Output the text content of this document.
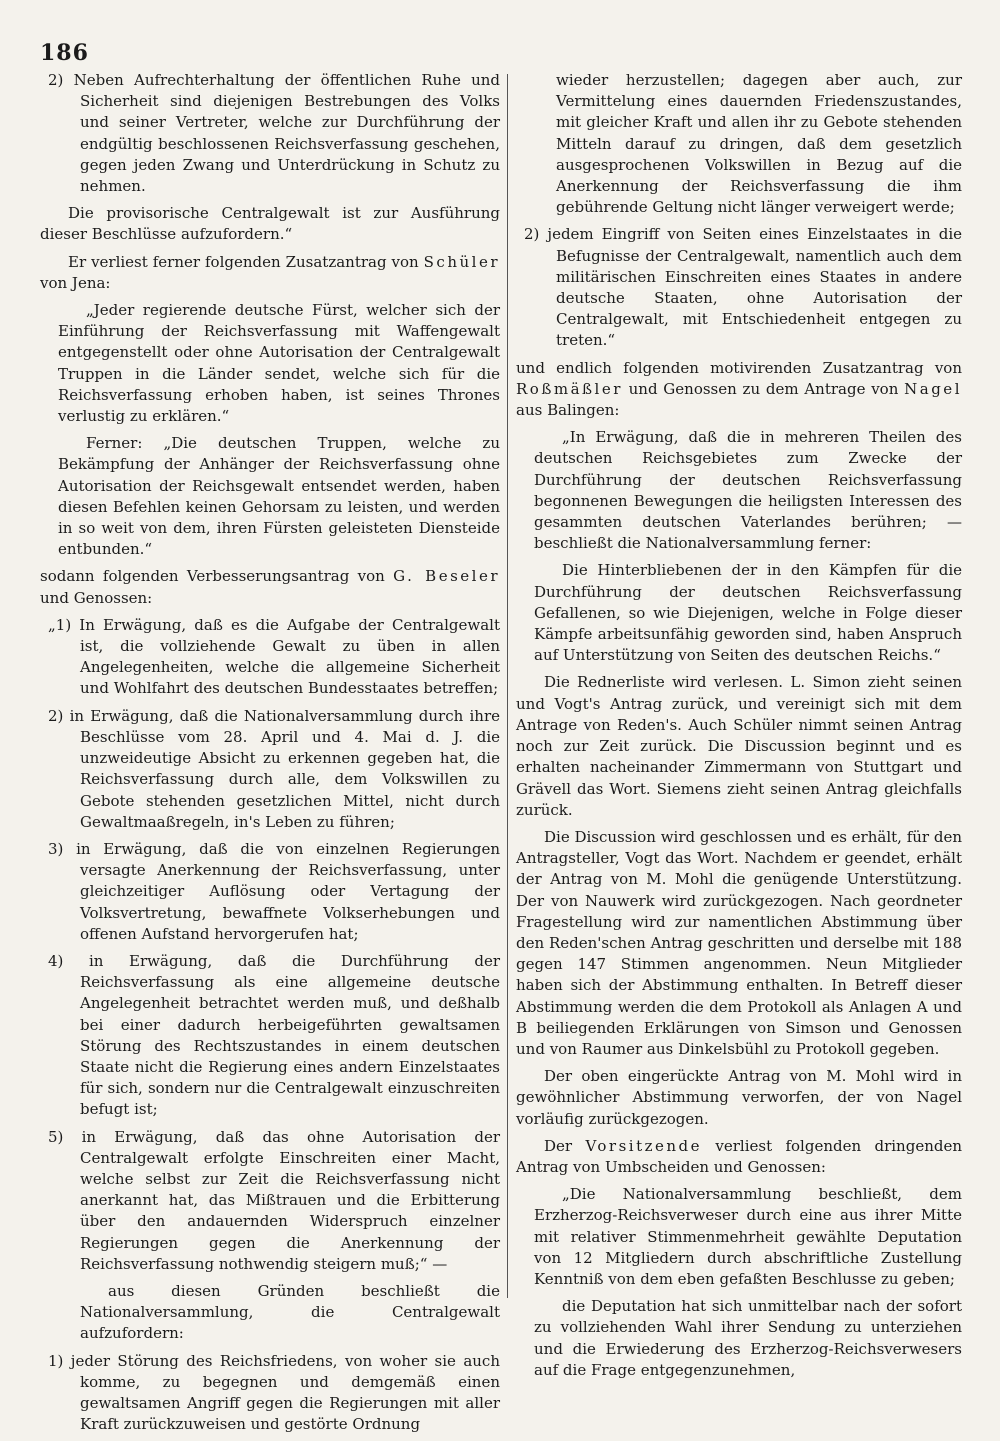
186

2) Neben Aufrechterhaltung der öffentlichen Ruhe und Sicherheit sind diejenigen Bestrebungen des Volks und seiner Vertreter, welche zur Durchführung der endgültig beschlossenen Reichsverfassung geschehen, gegen jeden Zwang und Unterdrückung in Schutz zu nehmen.

Die provisorische Centralgewalt ist zur Ausführung dieser Beschlüsse aufzufordern.“

Er verliest ferner folgenden Zusatzantrag von Schüler von Jena:

„Jeder regierende deutsche Fürst, welcher sich der Einführung der Reichsverfassung mit Waffengewalt entgegenstellt oder ohne Autorisation der Centralgewalt Truppen in die Länder sendet, welche sich für die Reichsverfassung erhoben haben, ist seines Thrones verlustig zu erklären.“

Ferner: „Die deutschen Truppen, welche zu Bekämpfung der Anhänger der Reichsverfassung ohne Autorisation der Reichsgewalt entsendet werden, haben diesen Befehlen keinen Gehorsam zu leisten, und werden in so weit von dem, ihren Fürsten geleisteten Diensteide entbunden.“

sodann folgenden Verbesserungsantrag von G. Beseler und Genossen:

„1) In Erwägung, daß es die Aufgabe der Centralgewalt ist, die vollziehende Gewalt zu üben in allen Angelegenheiten, welche die allgemeine Sicherheit und Wohlfahrt des deutschen Bundesstaates betreffen;

2) in Erwägung, daß die Nationalversammlung durch ihre Beschlüsse vom 28. April und 4. Mai d. J. die unzweideutige Absicht zu erkennen gegeben hat, die Reichsverfassung durch alle, dem Volkswillen zu Gebote stehenden gesetzlichen Mittel, nicht durch Gewaltmaaßregeln, in's Leben zu führen;

3) in Erwägung, daß die von einzelnen Regierungen versagte Anerkennung der Reichsverfassung, unter gleichzeitiger Auflösung oder Vertagung der Volksvertretung, bewaffnete Volkserhebungen und offenen Aufstand hervorgerufen hat;

4) in Erwägung, daß die Durchführung der Reichsverfassung als eine allgemeine deutsche Angelegenheit betrachtet werden muß, und deßhalb bei einer dadurch herbeigeführten gewaltsamen Störung des Rechtszustandes in einem deutschen Staate nicht die Regierung eines andern Einzelstaates für sich, sondern nur die Centralgewalt einzuschreiten befugt ist;

5) in Erwägung, daß das ohne Autorisation der Centralgewalt erfolgte Einschreiten einer Macht, welche selbst zur Zeit die Reichsverfassung nicht anerkannt hat, das Mißtrauen und die Erbitterung über den andauernden Widerspruch einzelner Regierungen gegen die Anerkennung der Reichsverfassung nothwendig steigern muß;“ —

aus diesen Gründen beschließt die Nationalversammlung, die Centralgewalt aufzufordern:

1) jeder Störung des Reichsfriedens, von woher sie auch komme, zu begegnen und demgemäß einen gewaltsamen Angriff gegen die Regierungen mit aller Kraft zurückzuweisen und gestörte Ordnung

wieder herzustellen; dagegen aber auch, zur Vermittelung eines dauernden Friedenszustandes, mit gleicher Kraft und allen ihr zu Gebote stehenden Mitteln darauf zu dringen, daß dem gesetzlich ausgesprochenen Volkswillen in Bezug auf die Anerkennung der Reichsverfassung die ihm gebührende Geltung nicht länger verweigert werde;

2) jedem Eingriff von Seiten eines Einzelstaates in die Befugnisse der Centralgewalt, namentlich auch dem militärischen Einschreiten eines Staates in andere deutsche Staaten, ohne Autorisation der Centralgewalt, mit Entschiedenheit entgegen zu treten.“

und endlich folgenden motivirenden Zusatzantrag von Roßmäßler und Genossen zu dem Antrage von Nagel aus Balingen:

„In Erwägung, daß die in mehreren Theilen des deutschen Reichsgebietes zum Zwecke der Durchführung der deutschen Reichsverfassung begonnenen Bewegungen die heiligsten Interessen des gesammten deutschen Vaterlandes berühren; — beschließt die Nationalversammlung ferner:

Die Hinterbliebenen der in den Kämpfen für die Durchführung der deutschen Reichsverfassung Gefallenen, so wie Diejenigen, welche in Folge dieser Kämpfe arbeitsunfähig geworden sind, haben Anspruch auf Unterstützung von Seiten des deutschen Reichs.“

Die Rednerliste wird verlesen. L. Simon zieht seinen und Vogt's Antrag zurück, und vereinigt sich mit dem Antrage von Reden's. Auch Schüler nimmt seinen Antrag noch zur Zeit zurück. Die Discussion beginnt und es erhalten nacheinander Zimmermann von Stuttgart und Grävell das Wort. Siemens zieht seinen Antrag gleichfalls zurück.

Die Discussion wird geschlossen und es erhält, für den Antragsteller, Vogt das Wort. Nachdem er geendet, erhält der Antrag von M. Mohl die genügende Unterstützung. Der von Nauwerk wird zurückgezogen. Nach geordneter Fragestellung wird zur namentlichen Abstimmung über den Reden'schen Antrag geschritten und derselbe mit 188 gegen 147 Stimmen angenommen. Neun Mitglieder haben sich der Abstimmung enthalten. In Betreff dieser Abstimmung werden die dem Protokoll als Anlagen A und B beiliegenden Erklärungen von Simson und Genossen und von Raumer aus Dinkelsbühl zu Protokoll gegeben.

Der oben eingerückte Antrag von M. Mohl wird in gewöhnlicher Abstimmung verworfen, der von Nagel vorläufig zurückgezogen.

Der Vorsitzende verliest folgenden dringenden Antrag von Umbscheiden und Genossen:

„Die Nationalversammlung beschließt, dem Erzherzog-Reichsverweser durch eine aus ihrer Mitte mit relativer Stimmenmehrheit gewählte Deputation von 12 Mitgliedern durch abschriftliche Zustellung Kenntniß von dem eben gefaßten Beschlusse zu geben;

die Deputation hat sich unmittelbar nach der sofort zu vollziehenden Wahl ihrer Sendung zu unterziehen und die Erwiederung des Erzherzog-Reichsverwesers auf die Frage entgegenzunehmen,
